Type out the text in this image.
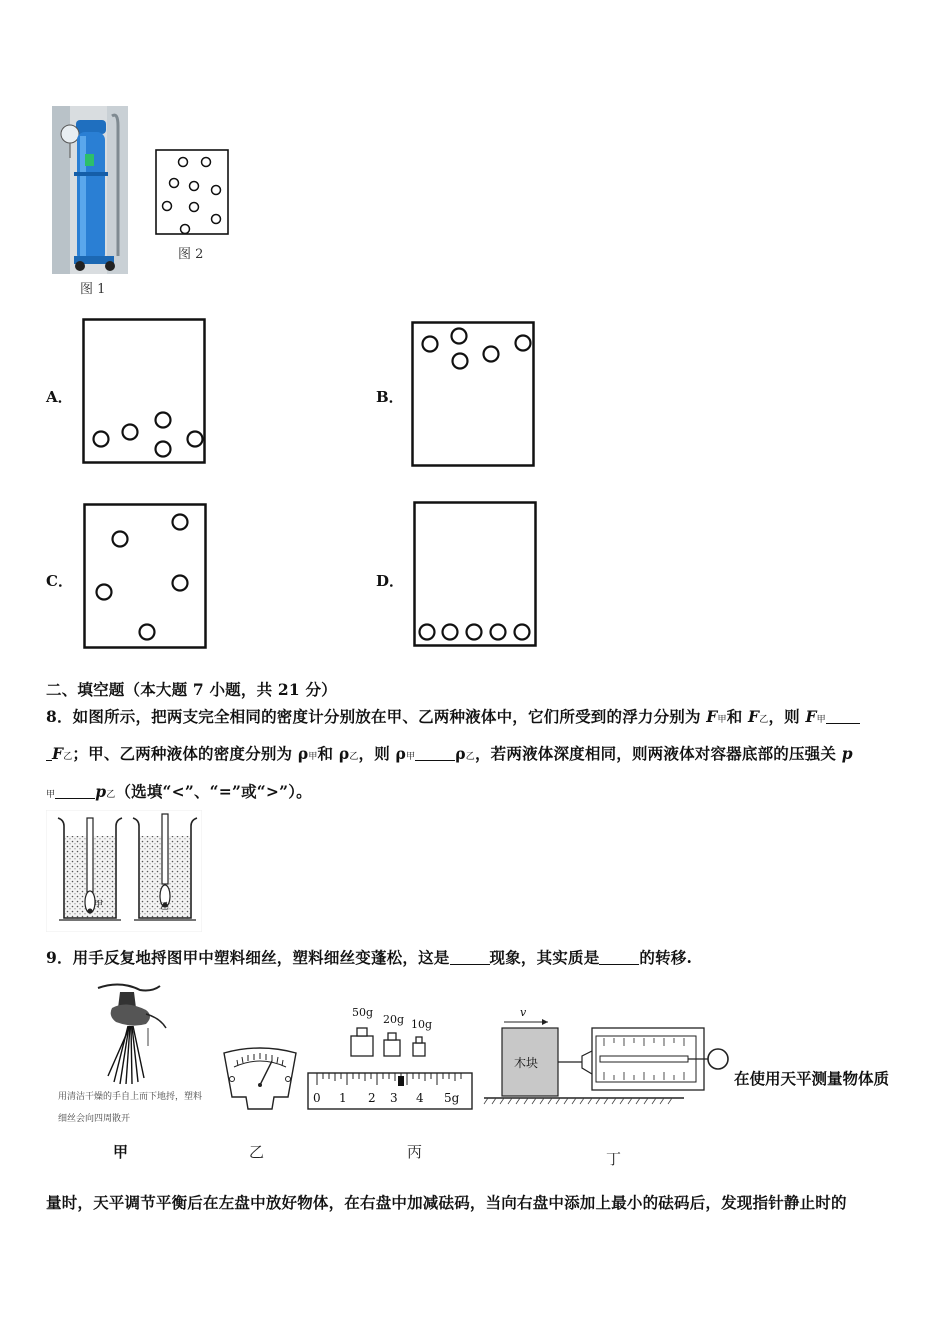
图 1
图 2
A．	B．
C．	D．
二、填空题（本大题 7 小题，共 21 分）
8．如图所示，把两支完全相同的密度计分别放在甲、乙两种液体中，它们所受到的浮力分别为 F甲和 F乙，则 F甲
F乙；甲、乙两种液体的密度分别为 ρ甲和 ρ乙，则 ρ甲	ρ乙，若两液体深度相同，则两液体对容器底部的压强关 p
甲	p乙（选填“<”、“=”或“>”）。
甲	乙
9．用手反复地捋图甲中塑料细丝，塑料细丝变蓬松，这是	现象，其实质是	的转移.
用清洁干燥的手自上而下地捋，塑料细丝会向四周散开
甲	乙
50g
20g 10g
0 1 2 3 4 5g
丙
v
木块
丁
在使用天平测量物体质
量时，天平调节平衡后在左盘中放好物体，在右盘中加减砝码，当向右盘中添加上最小的砝码后，发现指针静止时的
